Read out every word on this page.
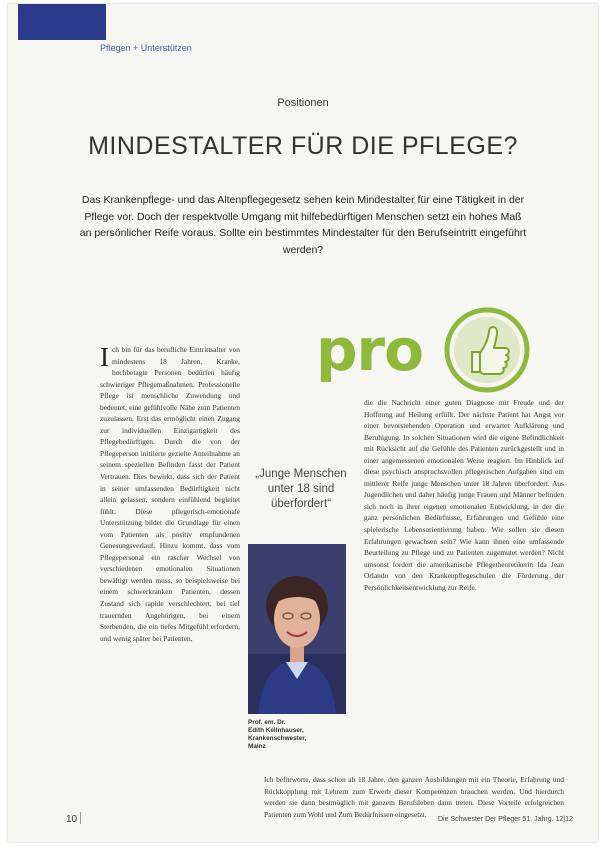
Pflegen + Unterstützen
Positionen
MINDESTALTER FÜR DIE PFLEGE?
Das Krankenpflege- und das Altenpflegegesetz sehen kein Mindestalter für eine Tätigkeit in der Pflege vor. Doch der respektvolle Umgang mit hilfebedürftigen Menschen setzt ein hohes Maß an persönlicher Reife voraus. Sollte ein bestimmtes Mindestalter für den Berufseintritt eingeführt werden?
pro
Ich bin für das berufliche Eintrittsalter von mindestens 18 Jahren. Kranke, hochbetagte Personen bedürfen häufig schwieriger Pflegemaßnahmen. Professionelle Pflege ist menschliche Zuwendung und bedeutet, eine gefühlvolle Nähe zum Patienten zuzulassen. Erst das ermöglicht einen Zugang zur individuellen Einzigartigkeit des Pflegebedürftigen. Durch die von der Pflegeperson initiierte gezielte Anteilnahme an seinem speziellen Befinden fasst der Patient Vertrauen. Dies bewirkt, dass sich der Patient in seiner umfassenden Bedürftigkeit nicht allein gelassen, sondern einfühlend begleitet fühlt. Diese pflegerisch-emotionale Unterstützung bildet die Grundlage für einen vom Patienten als positiv empfundenen Genesungsverlauf. Hinzu kommt, dass vom Pflegepersonal ein rascher Wechsel von verschiedenen emotionalen Situationen bewältigt werden muss, so beispielsweise bei einem schwerkranken Patienten, dessen Zustand sich rapide verschlechtert, bei tief trauernden Angehörigen, bei einem Sterbenden, die ein tiefes Mitgefühl erfordern, und wenig später bei Patienten,
„Junge Menschen unter 18 sind überfordert“
Prof. em. Dr.
Edith Kellnhauser,
Krankenschwester,
Mainz
die die Nachricht einer guten Diagnose mit Freude und der Hoffnung auf Heilung erfüllt. Der nächste Patient hat Angst vor einer bevorstehenden Operation und erwartet Aufklärung und Beruhigung. In solchen Situationen wird die eigene Befindlichkeit mit Rücksicht auf die Gefühle des Patienten zurückgestellt und in einer angemessenen emotionalen Weise reagiert. Im Hinblick auf diese psychisch anspruchsvollen pflegerischen Aufgaben sind ein mittlerer Reife junge Menschen unter 18 Jahren überfordert. Aus Jugendlichen und daher häufig junge Frauen und Männer befinden sich noch in ihrer eigenen emotionalen Entwicklung, in der die ganz persönlichen Bedürfnisse, Erfahrungen und Gefühle eine spielerische Lebensorientierung haben. Wie sollen sie diesen Erfahrungen gewachsen sein? Wie kann ihnen eine umfassende Beurteilung zu Pflege und zu Patienten zugemutet werden? Nicht umsonst fordert die amerikanische Pflegetheoretikerin Ida Jean Orlando von den Krankenpflegeschulen die Förderung der Persönlichkeitsentwicklung zur Reife.
Ich befürworte, dass schon ab 18 Jahre, den ganzen Ausbildungen mit ein Theorie, Erfahrung und Rückkopplung mit Lehrern zum Erwerb dieser Kompetenzen brauchen werden. Und hierdurch werden sie dann bestmöglich mit ganzem Berufsleben dann treten. Diese Vorteile erfolgreichen Patienten zum Wohl und Zum Bedürfnissen eingesetzt.
10	Die Schwester Der Pfleger 51. Jahrg. 12|12
